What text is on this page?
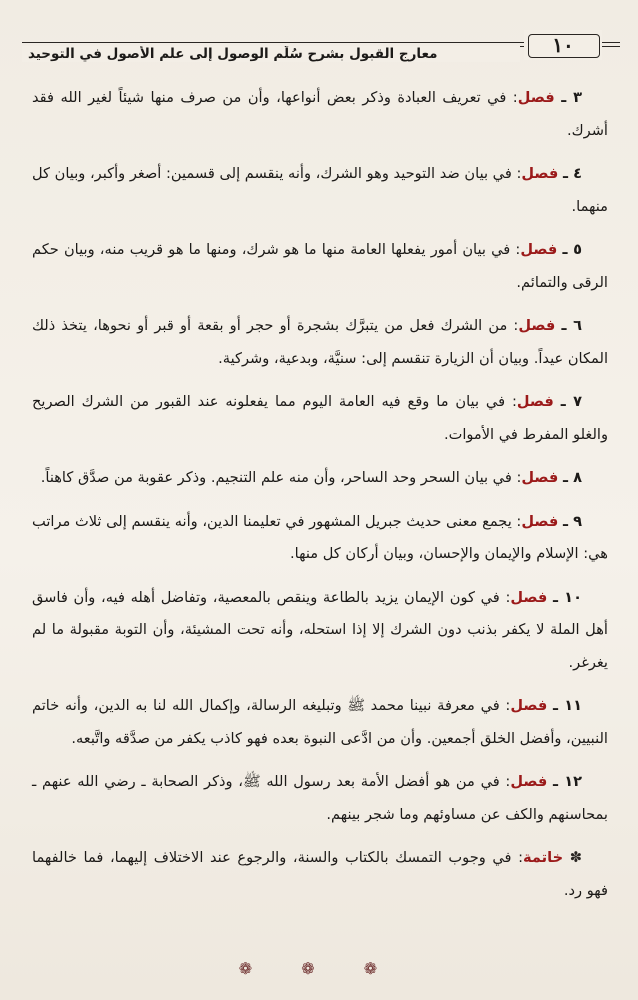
١٠
معارج القبول بشرح سُلَّم الوصول إلى علم الأصول في التوحيد

٣ ـ فصل: في تعريف العبادة وذكر بعض أنواعها، وأن من صرف منها شيئاً لغير الله فقد أشرك.

٤ ـ فصل: في بيان ضد التوحيد وهو الشرك، وأنه ينقسم إلى قسمين: أصغر وأكبر، وبيان كل منهما.

٥ ـ فصل: في بيان أمور يفعلها العامة منها ما هو شرك، ومنها ما هو قريب منه، وبيان حكم الرقى والتمائم.

٦ ـ فصل: من الشرك فعل من يتبرَّك بشجرة أو حجر أو بقعة أو قبر أو نحوها، يتخذ ذلك المكان عيداً. وبيان أن الزيارة تنقسم إلى: سنيَّة، وبدعية، وشركية.

٧ ـ فصل: في بيان ما وقع فيه العامة اليوم مما يفعلونه عند القبور من الشرك الصريح والغلو المفرط في الأموات.

٨ ـ فصل: في بيان السحر وحد الساحر، وأن منه علم التنجيم. وذكر عقوبة من صدَّق كاهناً.

٩ ـ فصل: يجمع معنى حديث جبريل المشهور في تعليمنا الدين، وأنه ينقسم إلى ثلاث مراتب هي: الإسلام والإيمان والإحسان، وبيان أركان كل منها.

١٠ ـ فصل: في كون الإيمان يزيد بالطاعة وينقص بالمعصية، وتفاضل أهله فيه، وأن فاسق أهل الملة لا يكفر بذنب دون الشرك إلا إذا استحله، وأنه تحت المشيئة، وأن التوبة مقبولة ما لم يغرغر.

١١ ـ فصل: في معرفة نبينا محمد ﷺ وتبليغه الرسالة، وإكمال الله لنا به الدين، وأنه خاتم النبيين، وأفضل الخلق أجمعين. وأن من ادَّعى النبوة بعده فهو كاذب يكفر من صدَّقه واتَّبعه.

١٢ ـ فصل: في من هو أفضل الأمة بعد رسول الله ﷺ، وذكر الصحابة ـ رضي الله عنهم ـ بمحاسنهم والكف عن مساوئهم وما شجر بينهم.

✽ خاتمة: في وجوب التمسك بالكتاب والسنة، والرجوع عند الاختلاف إليهما، فما خالفهما فهو رد.

❁ ❁ ❁
